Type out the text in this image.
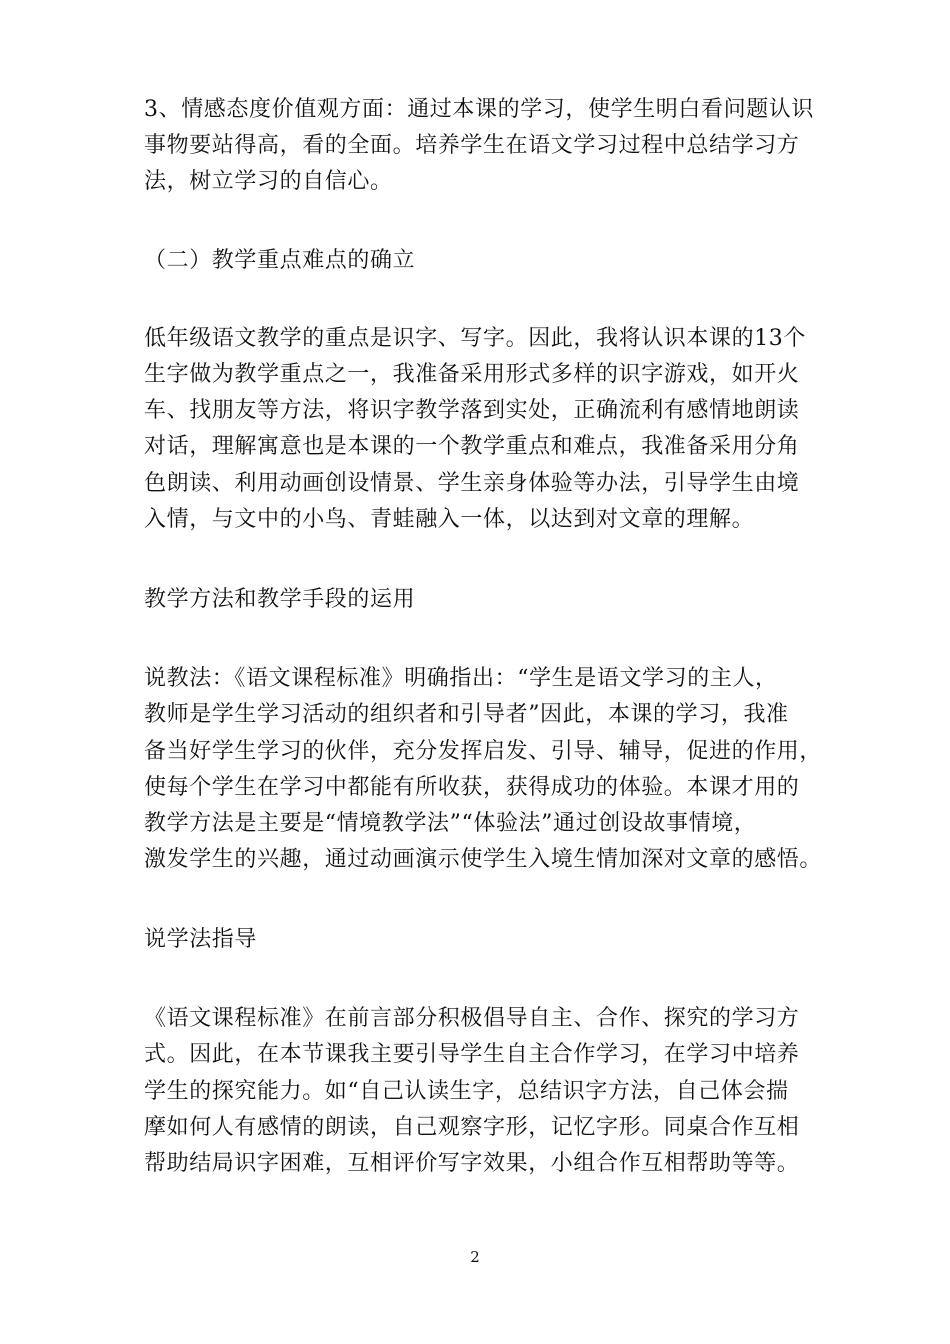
3、情感态度价值观方面：通过本课的学习，使学生明白看问题认识
事物要站得高，看的全面。培养学生在语文学习过程中总结学习方
法，树立学习的自信心。
（二）教学重点难点的确立
低年级语文教学的重点是识字、写字。因此，我将认识本课的13个
生字做为教学重点之一，我准备采用形式多样的识字游戏，如开火
车、找朋友等方法，将识字教学落到实处，正确流利有感情地朗读
对话，理解寓意也是本课的一个教学重点和难点，我准备采用分角
色朗读、利用动画创设情景、学生亲身体验等办法，引导学生由境
入情，与文中的小鸟、青蛙融入一体，以达到对文章的理解。
教学方法和教学手段的运用
说教法：《语文课程标准》明确指出：“学生是语文学习的主人，
教师是学生学习活动的组织者和引导者”因此，本课的学习，我准
备当好学生学习的伙伴，充分发挥启发、引导、辅导，促进的作用，
使每个学生在学习中都能有所收获，获得成功的体验。本课才用的
教学方法是主要是“情境教学法”“体验法”通过创设故事情境，
激发学生的兴趣，通过动画演示使学生入境生情加深对文章的感悟。
说学法指导
《语文课程标准》在前言部分积极倡导自主、合作、探究的学习方
式。因此，在本节课我主要引导学生自主合作学习，在学习中培养
学生的探究能力。如“自己认读生字，总结识字方法，自己体会揣
摩如何人有感情的朗读，自己观察字形，记忆字形。同桌合作互相
帮助结局识字困难，互相评价写字效果，小组合作互相帮助等等。
2
